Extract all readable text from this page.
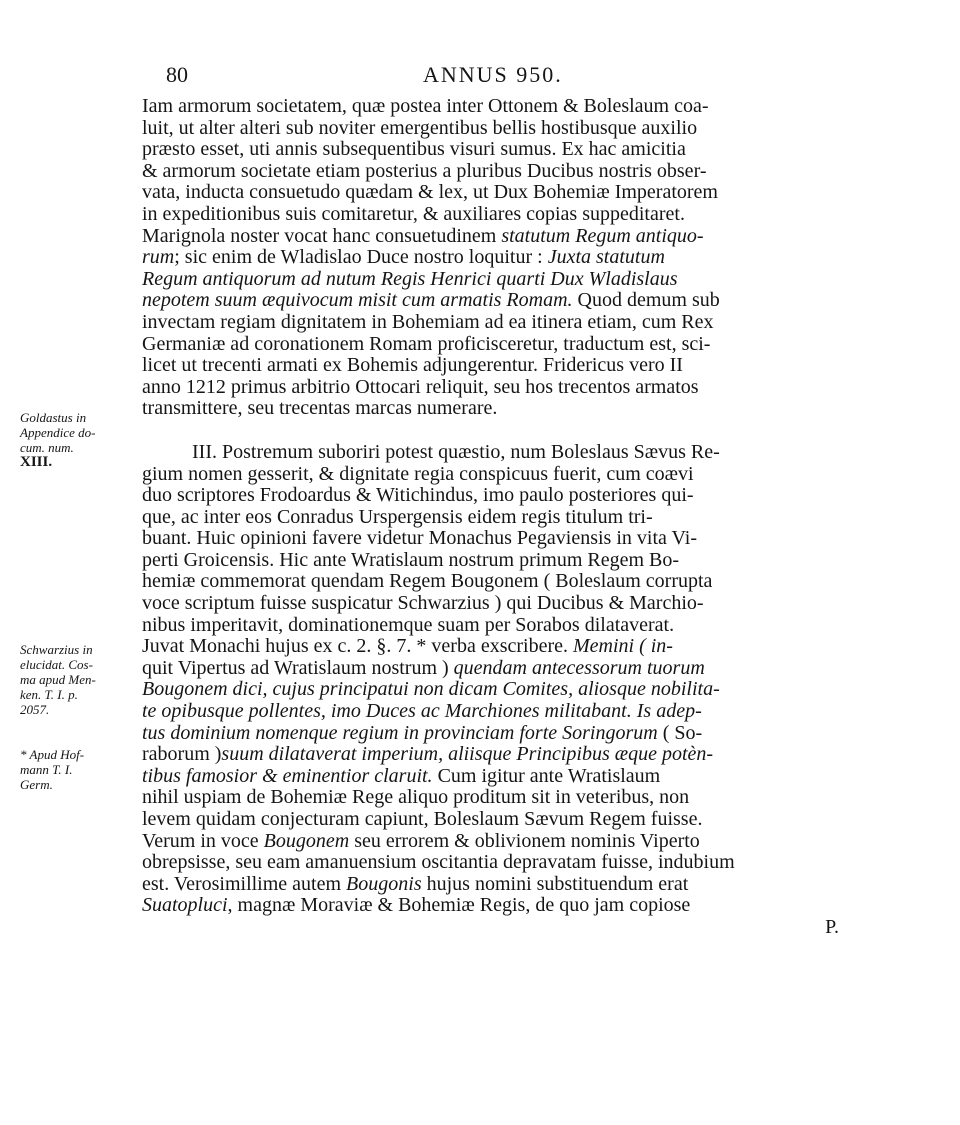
80	ANNUS 950.
Goldastus in
Appendice do-
cum. num.
XIII.
Schwarzius in
elucidat. Cos-
ma apud Men-
ken. T. I. p.
2057.
* Apud Hof-
mann T. I.
Germ.
Iam armorum societatem, quæ postea inter Ottonem & Boleslaum coa-
luit, ut alter alteri sub noviter emergentibus bellis hostibusque auxilio
præsto esset, uti annis subsequentibus visuri sumus. Ex hac amicitia
& armorum societate etiam posterius a pluribus Ducibus nostris obser-
vata, inducta consuetudo quædam & lex, ut Dux Bohemiæ Imperatorem
in expeditionibus suis comitaretur, & auxiliares copias suppeditaret.
Marignola noster vocat hanc consuetudinem statutum Regum antiquo-
rum; sic enim de Wladislao Duce nostro loquitur : Juxta statutum
Regum antiquorum ad nutum Regis Henrici quarti Dux Wladislaus
nepotem suum æquivocum misit cum armatis Romam. Quod demum sub
invectam regiam dignitatem in Bohemiam ad ea itinera etiam, cum Rex
Germaniæ ad coronationem Romam proficisceretur, traductum est, sci-
licet ut trecenti armati ex Bohemis adjungerentur. Fridericus vero II
anno 1212 primus arbitrio Ottocari reliquit, seu hos trecentos armatos
transmittere, seu trecentas marcas numerare.
III. Postremum suboriri potest quæstio, num Boleslaus Sævus Re-
gium nomen gesserit, & dignitate regia conspicuus fuerit, cum coævi
duo scriptores Frodoardus & Witichindus, imo paulo posteriores qui-
que, ac inter eos Conradus Urspergensis eidem regis titulum tri-
buant. Huic opinioni favere videtur Monachus Pegaviensis in vita Vi-
perti Groicensis. Hic ante Wratislaum nostrum primum Regem Bo-
hemiæ commemorat quendam Regem Bougonem ( Boleslaum corrupta
voce scriptum fuisse suspicatur Schwarzius ) qui Ducibus & Marchio-
nibus imperitavit, dominationemque suam per Sorabos dilataverat.
Juvat Monachi hujus ex c. 2. §. 7. * verba exscribere. Memini ( in-
quit Vipertus ad Wratislaum nostrum ) quendam antecessorum tuorum
Bougonem dici, cujus principatui non dicam Comites, aliosque nobilita-
te opibusque pollentes, imo Duces ac Marchiones militabant. Is adep-
tus dominium nomenque regium in provinciam forte Soringorum ( So-
raborum )suum dilataverat imperium, aliisque Principibus æque potèn-
tibus famosior & eminentior claruit. Cum igitur ante Wratislaum
nihil uspiam de Bohemiæ Rege aliquo proditum sit in veteribus, non
levem quidam conjecturam capiunt, Boleslaum Sævum Regem fuisse.
Verum in voce Bougonem seu errorem & oblivionem nominis Viperto
obrepsisse, seu eam amanuensium oscitantia depravatam fuisse, indubium
est. Verosimillime autem Bougonis hujus nomini substituendum erat
Suatopluci, magnæ Moraviæ & Bohemiæ Regis, de quo jam copiose
P.
